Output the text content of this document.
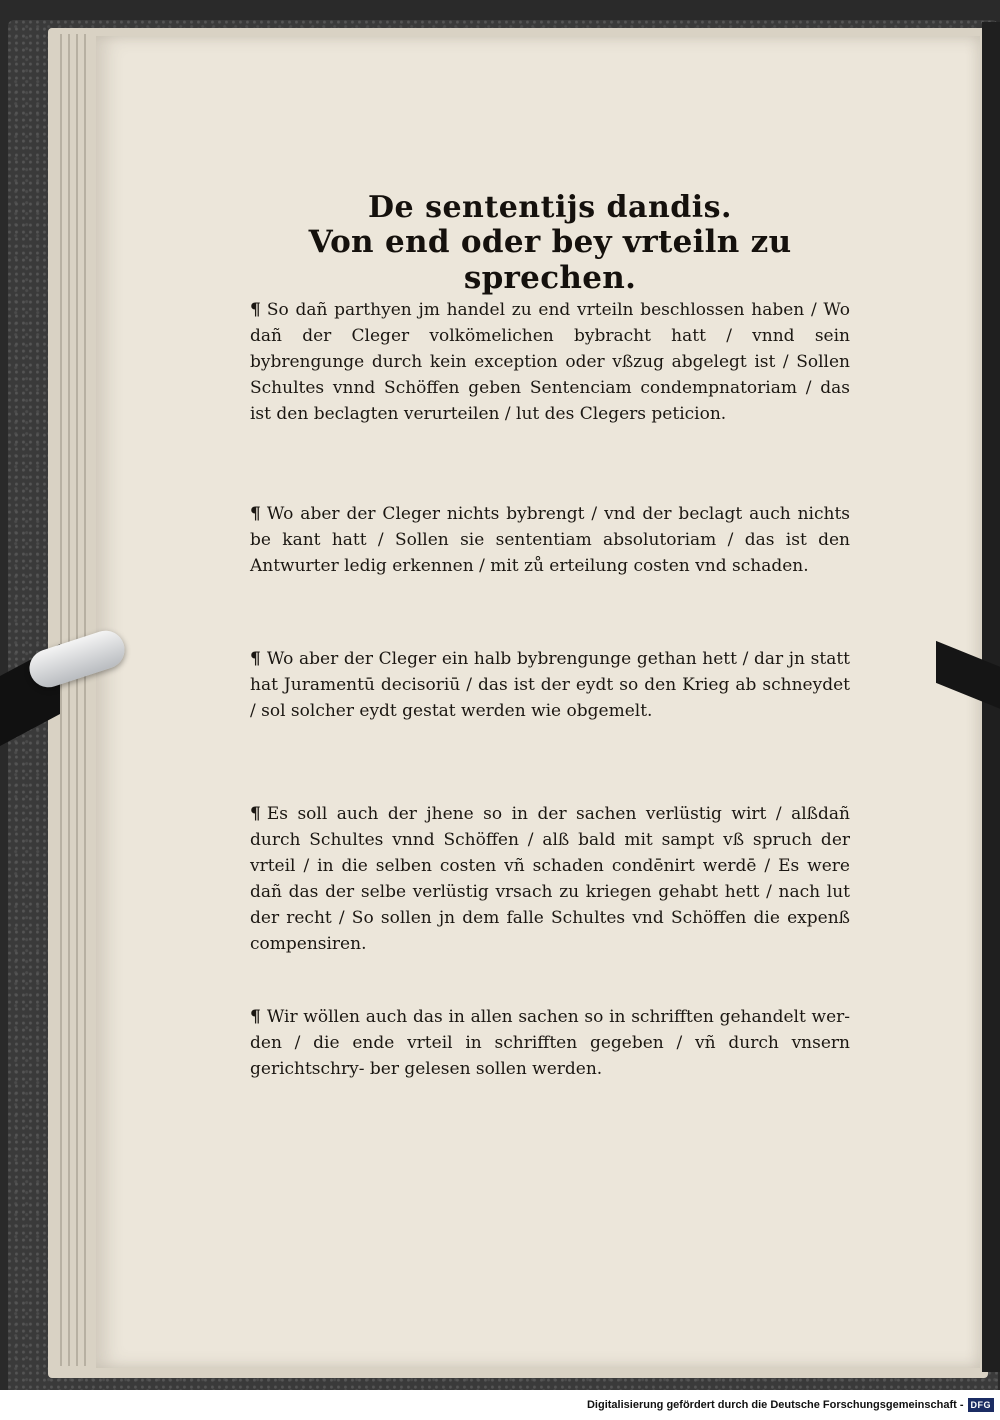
De sententijs dandis.
Von end oder bey vrteiln zu sprechen.
¶ So dañ parthyen jm handel zu end vrteiln beschlossen haben / Wo dañ der Cleger volkömelichen bybracht hatt / vnnd sein bybrengunge durch kein exception oder vßzug abgelegt ist / Sollen Schultes vnnd Schöffen geben Sentenciam condempnatoriam / das ist den beclagten verurteilen / lut des Clegers peticion.
¶ Wo aber der Cleger nichts bybrengt / vnd der beclagt auch nichts be kant hatt / Sollen sie sententiam absolutoriam / das ist den Antwurter ledig erkennen / mit zů erteilung costen vnd schaden.
¶ Wo aber der Cleger ein halb bybrengunge gethan hett / dar jn statt hat Juramentū decisoriū / das ist der eydt so den Krieg ab schneydet / sol solcher eydt gestat werden wie obgemelt.
¶ Es soll auch der jhene so in der sachen verlüstig wirt / alßdañ durch Schultes vnnd Schöffen / alß bald mit sampt vß spruch der vrteil / in die selben costen vñ schaden condēnirt werdē / Es were dañ das der selbe verlüstig vrsach zu kriegen gehabt hett / nach lut der recht / So sollen jn dem falle Schultes vnd Schöffen die expenß compensiren.
¶ Wir wöllen auch das in allen sachen so in schrifften gehandelt wer- den / die ende vrteil in schrifften gegeben / vñ durch vnsern gerichtschry- ber gelesen sollen werden.
Digitalisierung gefördert durch die Deutsche Forschungsgemeinschaft - DFG
